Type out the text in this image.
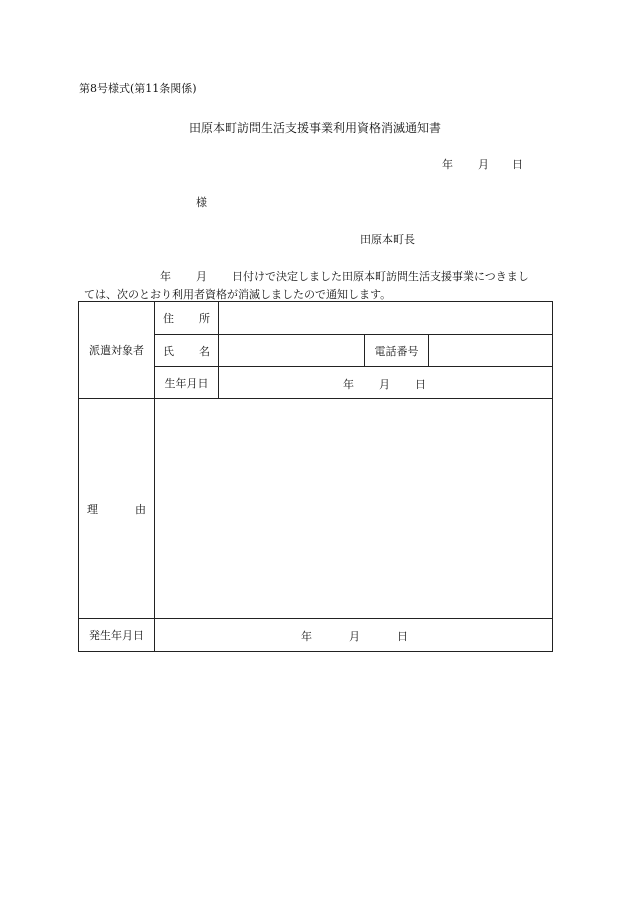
第8号様式(第11条関係)
田原本町訪問生活支援事業利用資格消滅通知書
年 月 日
様
田原本町長
年 月 日付けで決定しました田原本町訪問生活支援事業につきまし
ては、次のとおり利用者資格が消滅しましたので通知します。
派遣対象者	住 所			

	氏 名		電話番号	
	生年月日	年 月 日		

理 由				

発生年月日	年 月 日			
